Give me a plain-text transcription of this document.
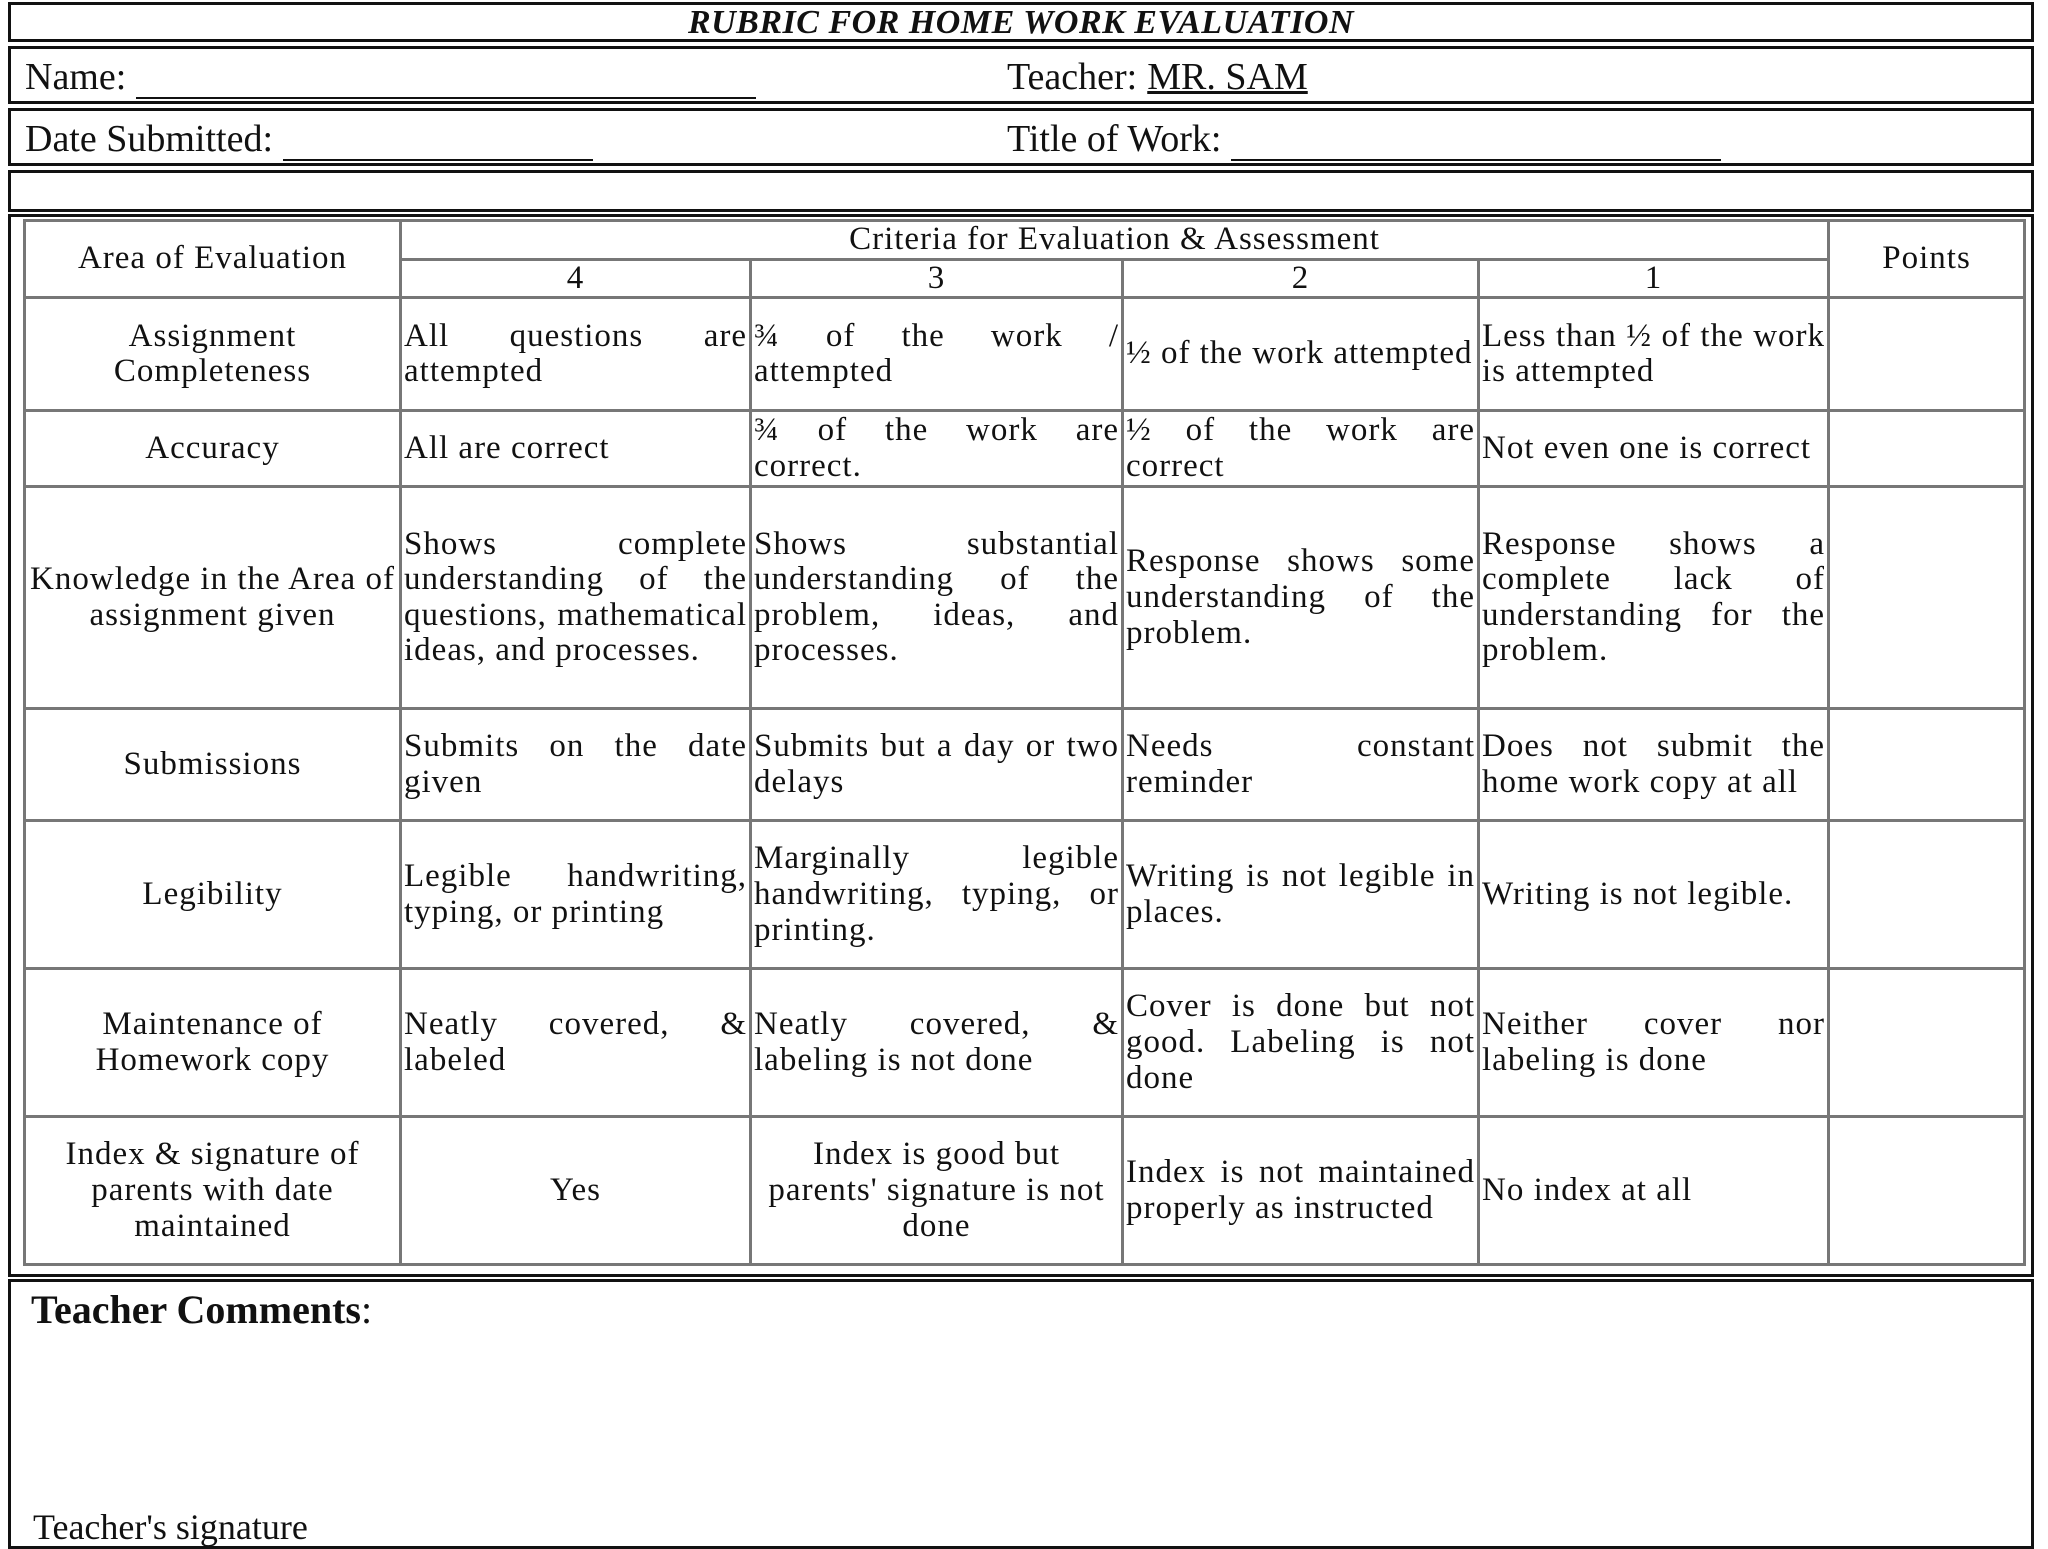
RUBRIC FOR HOME WORK EVALUATION
Name:	Teacher: MR. SAM
Date Submitted:	Title of Work:
Area of Evaluation	Criteria for Evaluation & Assessment				Points
	4	3	2	1	
Assignment Completeness	All questions are attempted	¾ of the work / attempted	½ of the work attempted	Less than ½ of the work is attempted	
Accuracy	All are correct	¾ of the work are correct.	½ of the work are correct	Not even one is correct	
Knowledge in the Area of assignment given	Shows complete understanding of the questions, mathematical ideas, and processes.	Shows substantial understanding of the problem, ideas, and processes.	Response shows some understanding of the problem.	Response shows a complete lack of understanding for the problem.	
Submissions	Submits on the date given	Submits but a day or two delays	Needs constant reminder	Does not submit the home work copy at all	
Legibility	Legible handwriting, typing, or printing	Marginally legible handwriting, typing, or printing.	Writing is not legible in places.	Writing is not legible.	
Maintenance of Homework copy	Neatly covered, & labeled	Neatly covered, & labeling is not done	Cover is done but not good. Labeling is not done	Neither cover nor labeling is done	
Index & signature of parents with date maintained	Yes	Index is good but parents' signature is not done	Index is not maintained properly as instructed	No index at all	
Teacher Comments:
Teacher's signature
